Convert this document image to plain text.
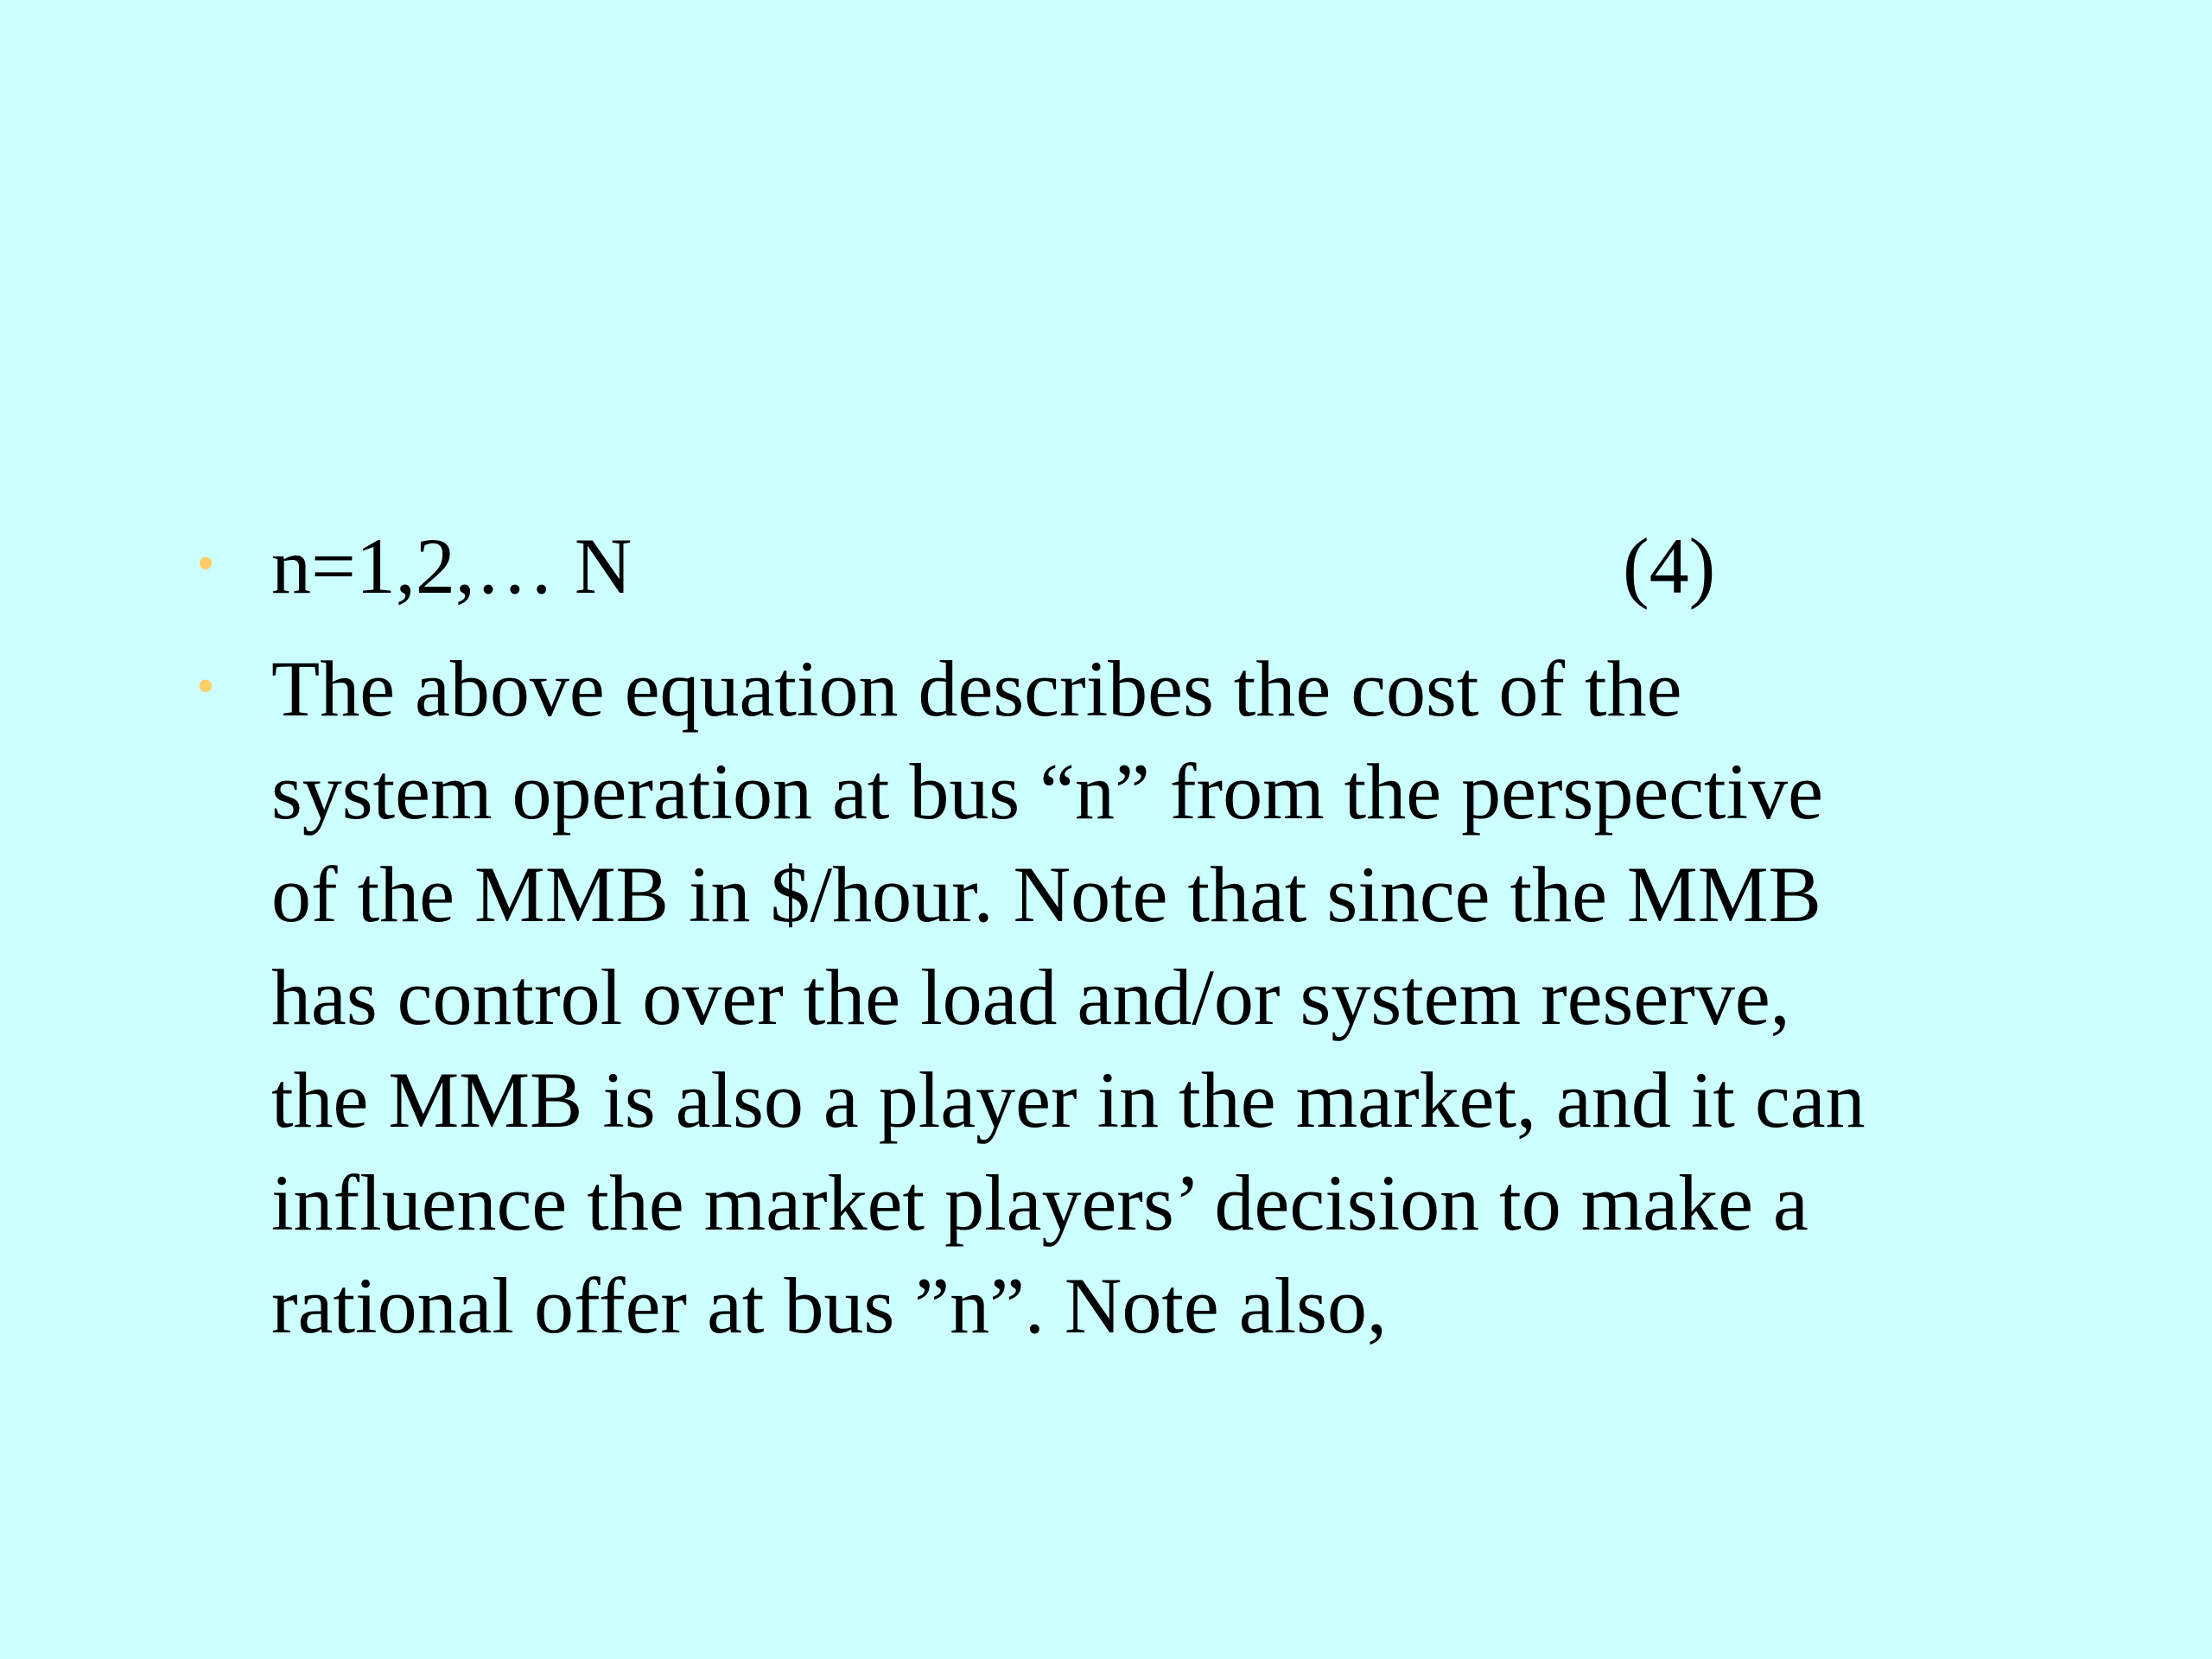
• n=1,2,… N	(4)
• The above equation describes the cost of the
system operation at bus “n” from the perspective
of the MMB in $/hour. Note that since the MMB
has control over the load and/or system reserve,
the MMB is also a player in the market, and it can
influence the market players’ decision to make a
rational offer at bus ”n”. Note also,
